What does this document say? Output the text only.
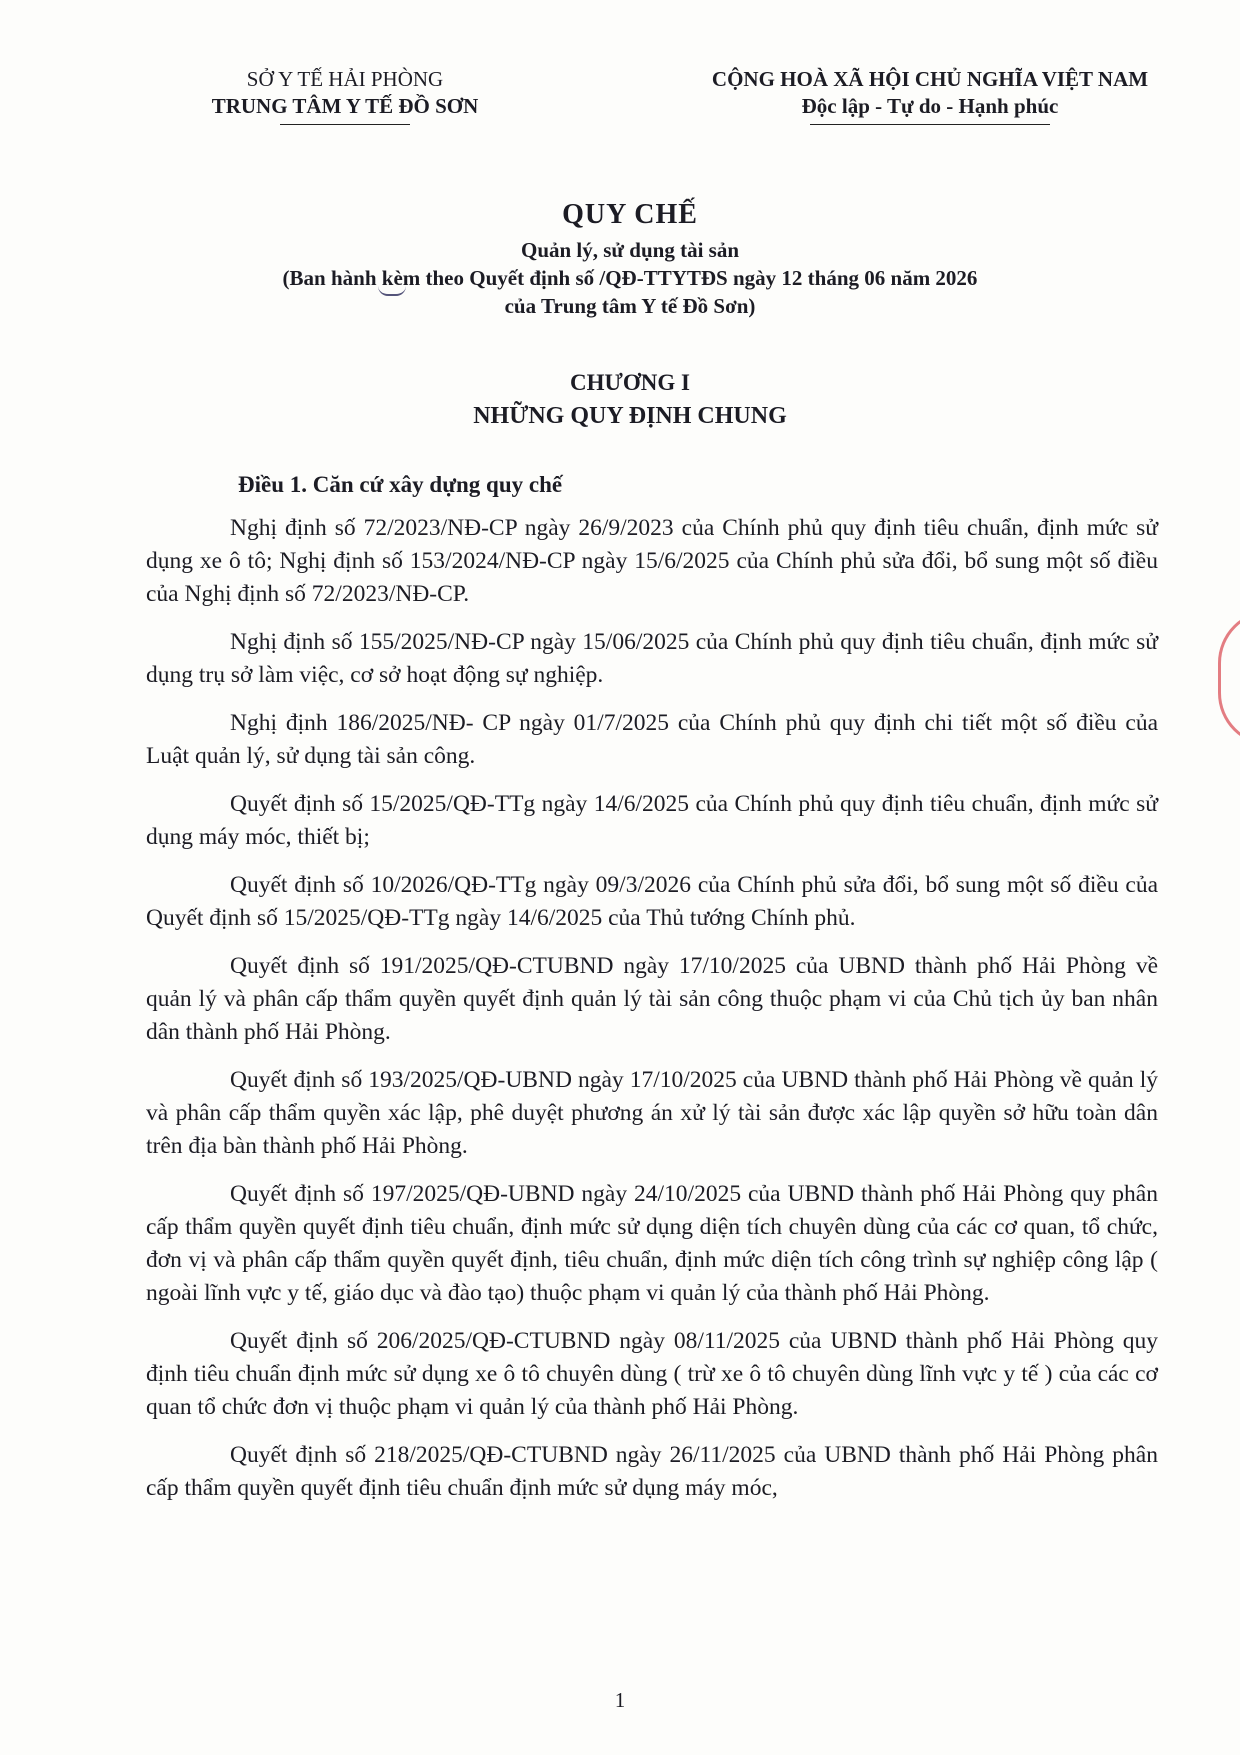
SỞ Y TẾ HẢI PHÒNG
TRUNG TÂM Y TẾ ĐỒ SƠN
CỘNG HOÀ XÃ HỘI CHỦ NGHĨA VIỆT NAM
Độc lập - Tự do - Hạnh phúc
QUY CHẾ
Quản lý, sử dụng tài sản
(Ban hành kèm theo Quyết định số /QĐ-TTYTĐS ngày 12 tháng 06 năm 2026
của Trung tâm Y tế Đồ Sơn)
CHƯƠNG I
NHỮNG QUY ĐỊNH CHUNG
Điều 1. Căn cứ xây dựng quy chế

Nghị định số 72/2023/NĐ-CP ngày 26/9/2023 của Chính phủ quy định tiêu chuẩn, định mức sử dụng xe ô tô; Nghị định số 153/2024/NĐ-CP ngày 15/6/2025 của Chính phủ sửa đổi, bổ sung một số điều của Nghị định số 72/2023/NĐ-CP.

Nghị định số 155/2025/NĐ-CP ngày 15/06/2025 của Chính phủ quy định tiêu chuẩn, định mức sử dụng trụ sở làm việc, cơ sở hoạt động sự nghiệp.

Nghị định 186/2025/NĐ- CP ngày 01/7/2025 của Chính phủ quy định chi tiết một số điều của Luật quản lý, sử dụng tài sản công.

Quyết định số 15/2025/QĐ-TTg ngày 14/6/2025 của Chính phủ quy định tiêu chuẩn, định mức sử dụng máy móc, thiết bị;

Quyết định số 10/2026/QĐ-TTg ngày 09/3/2026 của Chính phủ sửa đổi, bổ sung một số điều của Quyết định số 15/2025/QĐ-TTg ngày 14/6/2025 của Thủ tướng Chính phủ.

Quyết định số 191/2025/QĐ-CTUBND ngày 17/10/2025 của UBND thành phố Hải Phòng về quản lý và phân cấp thẩm quyền quyết định quản lý tài sản công thuộc phạm vi của Chủ tịch ủy ban nhân dân thành phố Hải Phòng.

Quyết định số 193/2025/QĐ-UBND ngày 17/10/2025 của UBND thành phố Hải Phòng về quản lý và phân cấp thẩm quyền xác lập, phê duyệt phương án xử lý tài sản được xác lập quyền sở hữu toàn dân trên địa bàn thành phố Hải Phòng.

Quyết định số 197/2025/QĐ-UBND ngày 24/10/2025 của UBND thành phố Hải Phòng quy phân cấp thẩm quyền quyết định tiêu chuẩn, định mức sử dụng diện tích chuyên dùng của các cơ quan, tổ chức, đơn vị và phân cấp thẩm quyền quyết định, tiêu chuẩn, định mức diện tích công trình sự nghiệp công lập ( ngoài lĩnh vực y tế, giáo dục và đào tạo) thuộc phạm vi quản lý của thành phố Hải Phòng.

Quyết định số 206/2025/QĐ-CTUBND ngày 08/11/2025 của UBND thành phố Hải Phòng quy định tiêu chuẩn định mức sử dụng xe ô tô chuyên dùng ( trừ xe ô tô chuyên dùng lĩnh vực y tế ) của các cơ quan tổ chức đơn vị thuộc phạm vi quản lý của thành phố Hải Phòng.

Quyết định số 218/2025/QĐ-CTUBND ngày 26/11/2025 của UBND thành phố Hải Phòng phân cấp thẩm quyền quyết định tiêu chuẩn định mức sử dụng máy móc,

1
